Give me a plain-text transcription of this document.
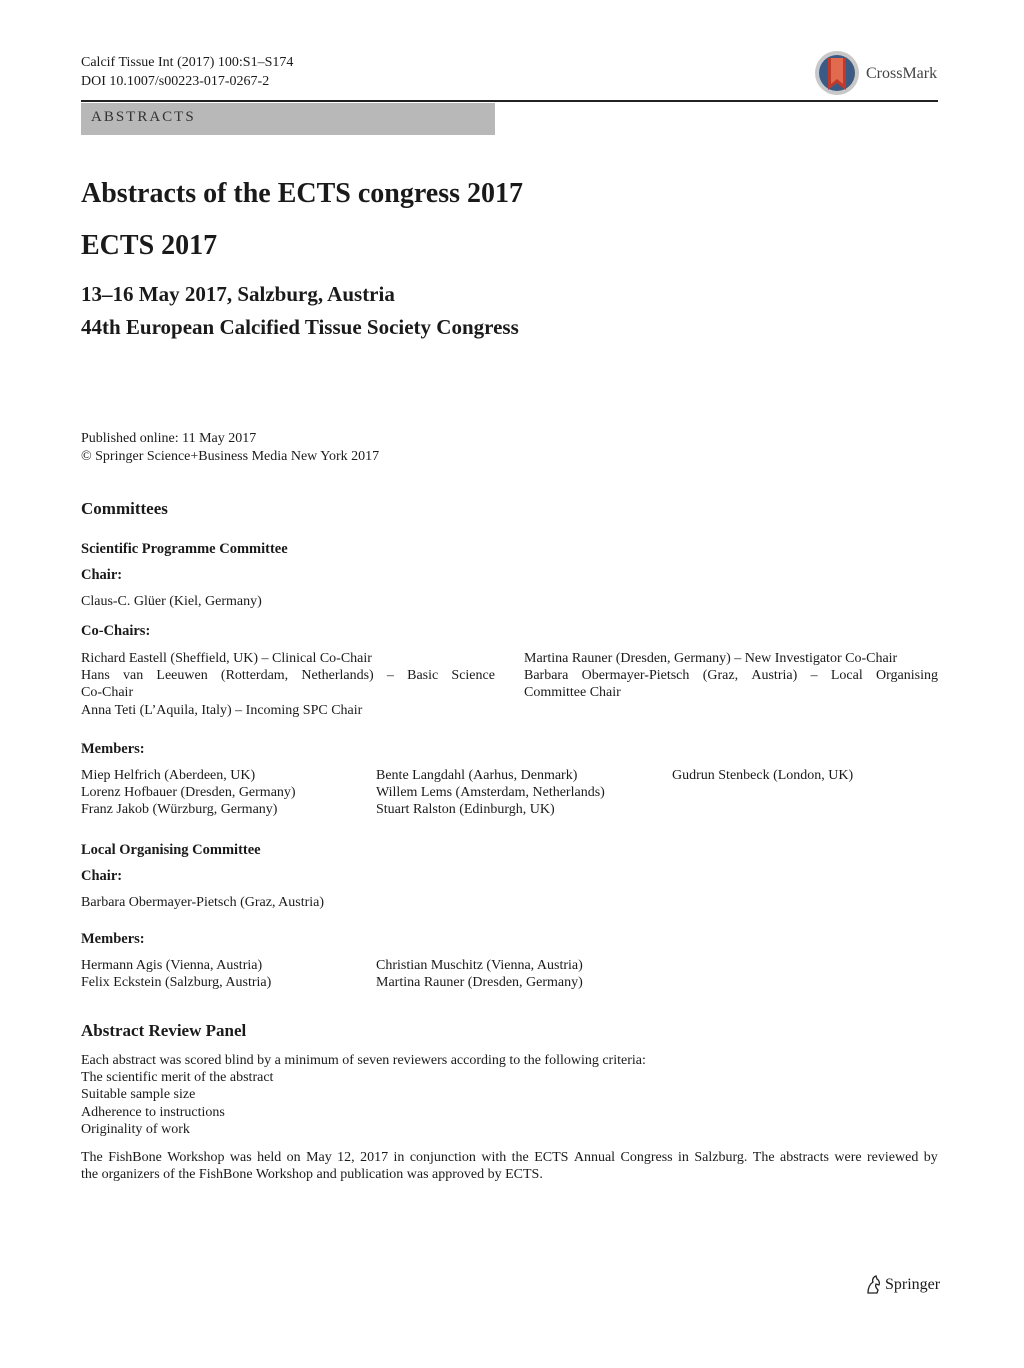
Calcif Tissue Int (2017) 100:S1–S174
DOI 10.1007/s00223-017-0267-2	CrossMark
ABSTRACTS
Abstracts of the ECTS congress 2017
ECTS 2017
13–16 May 2017, Salzburg, Austria
44th European Calcified Tissue Society Congress
Published online: 11 May 2017
© Springer Science+Business Media New York 2017
Committees
Scientific Programme Committee
Chair:
Claus-C. Glüer (Kiel, Germany)
Co-Chairs:
Richard Eastell (Sheffield, UK) – Clinical Co-Chair
Hans van Leeuwen (Rotterdam, Netherlands) – Basic Science
Co-Chair
Anna Teti (L’Aquila, Italy) – Incoming SPC Chair
Martina Rauner (Dresden, Germany) – New Investigator Co-Chair
Barbara Obermayer-Pietsch (Graz, Austria) – Local Organising
Committee Chair
Members:
Miep Helfrich (Aberdeen, UK)
Lorenz Hofbauer (Dresden, Germany)
Franz Jakob (Würzburg, Germany)
Bente Langdahl (Aarhus, Denmark)
Willem Lems (Amsterdam, Netherlands)
Stuart Ralston (Edinburgh, UK)
Gudrun Stenbeck (London, UK)
Local Organising Committee
Chair:
Barbara Obermayer-Pietsch (Graz, Austria)
Members:
Hermann Agis (Vienna, Austria)
Felix Eckstein (Salzburg, Austria)
Christian Muschitz (Vienna, Austria)
Martina Rauner (Dresden, Germany)
Abstract Review Panel
Each abstract was scored blind by a minimum of seven reviewers according to the following criteria:
The scientific merit of the abstract
Suitable sample size
Adherence to instructions
Originality of work
The FishBone Workshop was held on May 12, 2017 in conjunction with the ECTS Annual Congress in Salzburg. The abstracts were reviewed by
the organizers of the FishBone Workshop and publication was approved by ECTS.
Springer
